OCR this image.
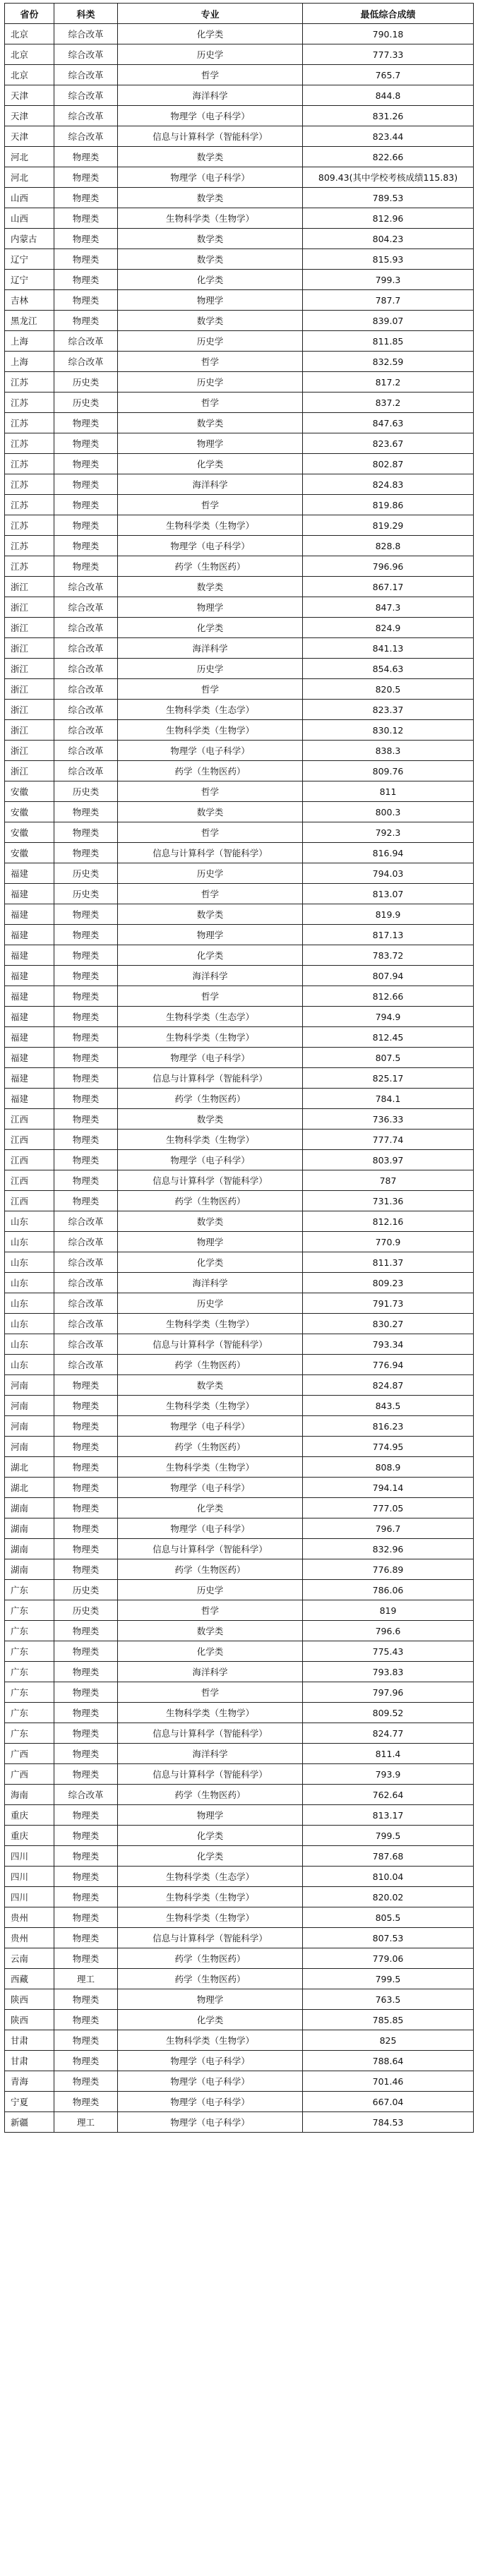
省份	科类	专业	最低综合成绩
北京	综合改革	化学类	790.18
北京	综合改革	历史学	777.33
北京	综合改革	哲学	765.7
天津	综合改革	海洋科学	844.8
天津	综合改革	物理学（电子科学）	831.26
天津	综合改革	信息与计算科学（智能科学）	823.44
河北	物理类	数学类	822.66
河北	物理类	物理学（电子科学）	809.43(其中学校考核成绩115.83)
山西	物理类	数学类	789.53
山西	物理类	生物科学类（生物学）	812.96
内蒙古	物理类	数学类	804.23
辽宁	物理类	数学类	815.93
辽宁	物理类	化学类	799.3
吉林	物理类	物理学	787.7
黑龙江	物理类	数学类	839.07
上海	综合改革	历史学	811.85
上海	综合改革	哲学	832.59
江苏	历史类	历史学	817.2
江苏	历史类	哲学	837.2
江苏	物理类	数学类	847.63
江苏	物理类	物理学	823.67
江苏	物理类	化学类	802.87
江苏	物理类	海洋科学	824.83
江苏	物理类	哲学	819.86
江苏	物理类	生物科学类（生物学）	819.29
江苏	物理类	物理学（电子科学）	828.8
江苏	物理类	药学（生物医药）	796.96
浙江	综合改革	数学类	867.17
浙江	综合改革	物理学	847.3
浙江	综合改革	化学类	824.9
浙江	综合改革	海洋科学	841.13
浙江	综合改革	历史学	854.63
浙江	综合改革	哲学	820.5
浙江	综合改革	生物科学类（生态学）	823.37
浙江	综合改革	生物科学类（生物学）	830.12
浙江	综合改革	物理学（电子科学）	838.3
浙江	综合改革	药学（生物医药）	809.76
安徽	历史类	哲学	811
安徽	物理类	数学类	800.3
安徽	物理类	哲学	792.3
安徽	物理类	信息与计算科学（智能科学）	816.94
福建	历史类	历史学	794.03
福建	历史类	哲学	813.07
福建	物理类	数学类	819.9
福建	物理类	物理学	817.13
福建	物理类	化学类	783.72
福建	物理类	海洋科学	807.94
福建	物理类	哲学	812.66
福建	物理类	生物科学类（生态学）	794.9
福建	物理类	生物科学类（生物学）	812.45
福建	物理类	物理学（电子科学）	807.5
福建	物理类	信息与计算科学（智能科学）	825.17
福建	物理类	药学（生物医药）	784.1
江西	物理类	数学类	736.33
江西	物理类	生物科学类（生物学）	777.74
江西	物理类	物理学（电子科学）	803.97
江西	物理类	信息与计算科学（智能科学）	787
江西	物理类	药学（生物医药）	731.36
山东	综合改革	数学类	812.16
山东	综合改革	物理学	770.9
山东	综合改革	化学类	811.37
山东	综合改革	海洋科学	809.23
山东	综合改革	历史学	791.73
山东	综合改革	生物科学类（生物学）	830.27
山东	综合改革	信息与计算科学（智能科学）	793.34
山东	综合改革	药学（生物医药）	776.94
河南	物理类	数学类	824.87
河南	物理类	生物科学类（生物学）	843.5
河南	物理类	物理学（电子科学）	816.23
河南	物理类	药学（生物医药）	774.95
湖北	物理类	生物科学类（生物学）	808.9
湖北	物理类	物理学（电子科学）	794.14
湖南	物理类	化学类	777.05
湖南	物理类	物理学（电子科学）	796.7
湖南	物理类	信息与计算科学（智能科学）	832.96
湖南	物理类	药学（生物医药）	776.89
广东	历史类	历史学	786.06
广东	历史类	哲学	819
广东	物理类	数学类	796.6
广东	物理类	化学类	775.43
广东	物理类	海洋科学	793.83
广东	物理类	哲学	797.96
广东	物理类	生物科学类（生物学）	809.52
广东	物理类	信息与计算科学（智能科学）	824.77
广西	物理类	海洋科学	811.4
广西	物理类	信息与计算科学（智能科学）	793.9
海南	综合改革	药学（生物医药）	762.64
重庆	物理类	物理学	813.17
重庆	物理类	化学类	799.5
四川	物理类	化学类	787.68
四川	物理类	生物科学类（生态学）	810.04
四川	物理类	生物科学类（生物学）	820.02
贵州	物理类	生物科学类（生物学）	805.5
贵州	物理类	信息与计算科学（智能科学）	807.53
云南	物理类	药学（生物医药）	779.06
西藏	理工	药学（生物医药）	799.5
陕西	物理类	物理学	763.5
陕西	物理类	化学类	785.85
甘肃	物理类	生物科学类（生物学）	825
甘肃	物理类	物理学（电子科学）	788.64
青海	物理类	物理学（电子科学）	701.46
宁夏	物理类	物理学（电子科学）	667.04
新疆	理工	物理学（电子科学）	784.53
